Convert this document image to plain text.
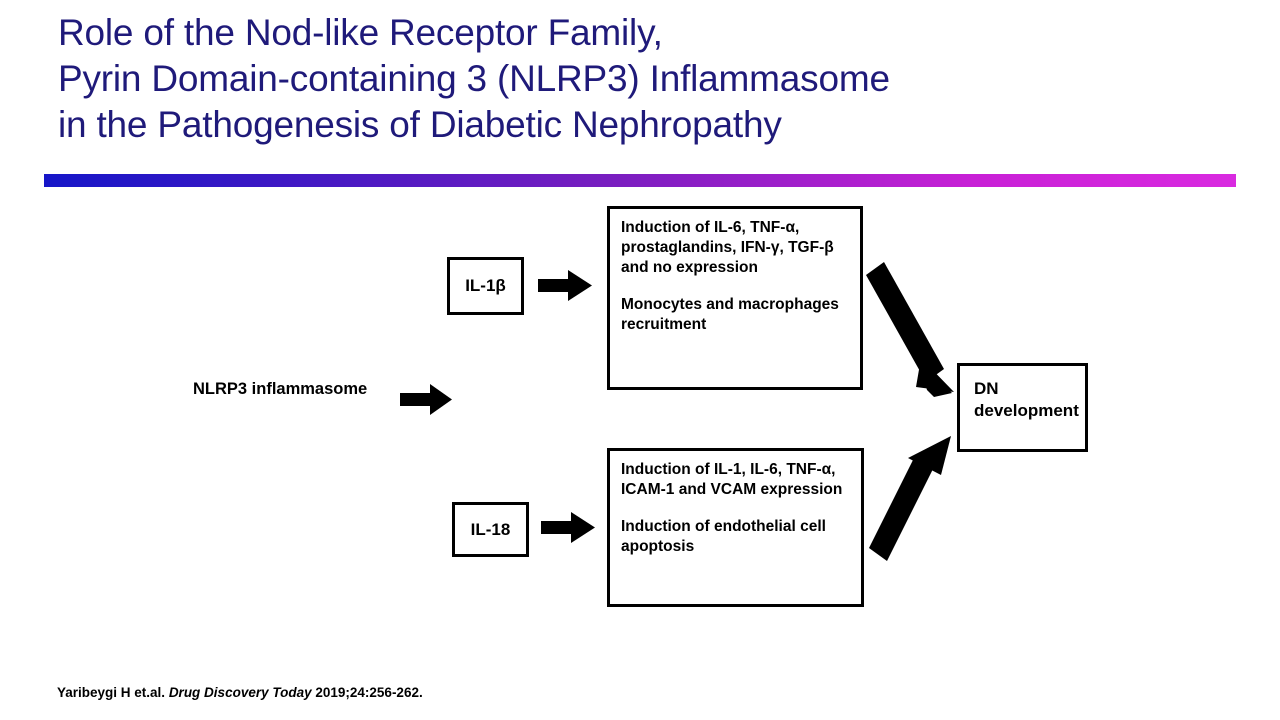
Role of the Nod-like Receptor Family,
Pyrin Domain-containing 3 (NLRP3) Inflammasome
in the Pathogenesis of Diabetic Nephropathy
NLRP3 inflammasome
IL-1β
IL-18

Induction of IL-6, TNF-α, prostaglandins, IFN-γ, TGF-β and no expression

Monocytes and macrophages recruitment

Induction of IL-1, IL-6, TNF-α, ICAM-1 and VCAM expression

Induction of endothelial cell apoptosis

DN development

Yaribeygi H et.al. Drug Discovery Today 2019;24:256-262.
